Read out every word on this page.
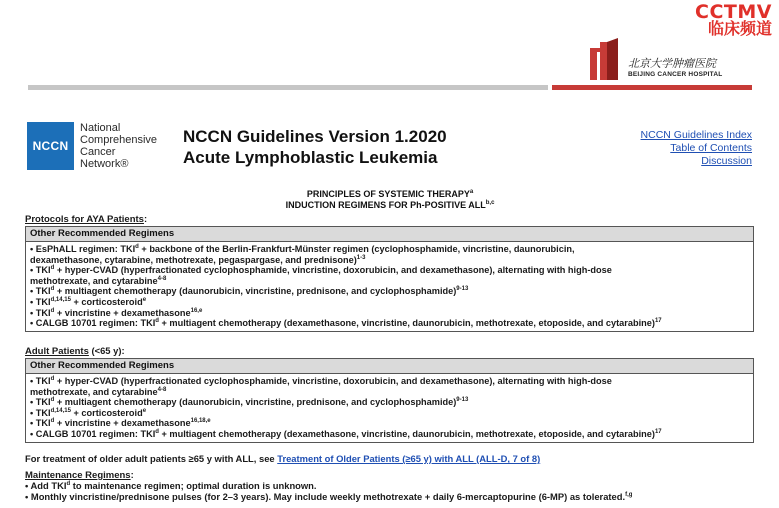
CCTMV
临床频道
北京大学肿瘤医院
BEIJING CANCER HOSPITAL
NCCN
National
Comprehensive
Cancer
Network®
NCCN Guidelines Version 1.2020
Acute Lymphoblastic Leukemia
NCCN Guidelines Index
Table of Contents
Discussion
PRINCIPLES OF SYSTEMIC THERAPY$^a$
INDUCTION REGIMENS FOR Ph-POSITIVE ALL$^{b,c}$
Protocols for AYA Patients:
Other Recommended Regimens
• EsPhALL regimen: $TKI^d$ + backbone of the Berlin-Frankfurt-Münster regimen (cyclophosphamide, vincristine, daunorubicin,
dexamethasone, cytarabine, methotrexate, pegaspargase, and prednisone)$^{1-3}$
• $TKI^d$ + hyper-CVAD (hyperfractionated cyclophosphamide, vincristine, doxorubicin, and dexamethasone), alternating with high-dose
methotrexate, and cytarabine$^{4-8}$
• $TKI^d$ + multiagent chemotherapy (daunorubicin, vincristine, prednisone, and cyclophosphamide)$^{9-13}$
• TKI$^{d,14,15}$ + corticosteroid$^e$
• $TKI^d$ + vincristine + dexamethasone$^{16,e}$
• CALGB 10701 regimen: $TKI^d$ + multiagent chemotherapy (dexamethasone, vincristine, daunorubicin, methotrexate, etoposide, and cytarabine)$^{17}$
Adult Patients (<65 y):
Other Recommended Regimens
• $TKI^d$ + hyper-CVAD (hyperfractionated cyclophosphamide, vincristine, doxorubicin, and dexamethasone), alternating with high-dose
methotrexate, and cytarabine$^{4-8}$
• $TKI^d$ + multiagent chemotherapy (daunorubicin, vincristine, prednisone, and cyclophosphamide)$^{9-13}$
• TKI$^{d,14,15}$ + corticosteroid$^e$
• $TKI^d$ + vincristine + dexamethasone$^{16,18,e}$
• CALGB 10701 regimen: $TKI^d$ + multiagent chemotherapy (dexamethasone, vincristine, daunorubicin, methotrexate, etoposide, and cytarabine)$^{17}$
For treatment of older adult patients ≥65 y with ALL, see Treatment of Older Patients (≥65 y) with ALL (ALL-D, 7 of 8)
Maintenance Regimens:
• Add TKI$^d$ to maintenance regimen; optimal duration is unknown.
• Monthly vincristine/prednisone pulses (for 2–3 years). May include weekly methotrexate + daily 6-mercaptopurine (6-MP) as tolerated.$^{f,g}$
